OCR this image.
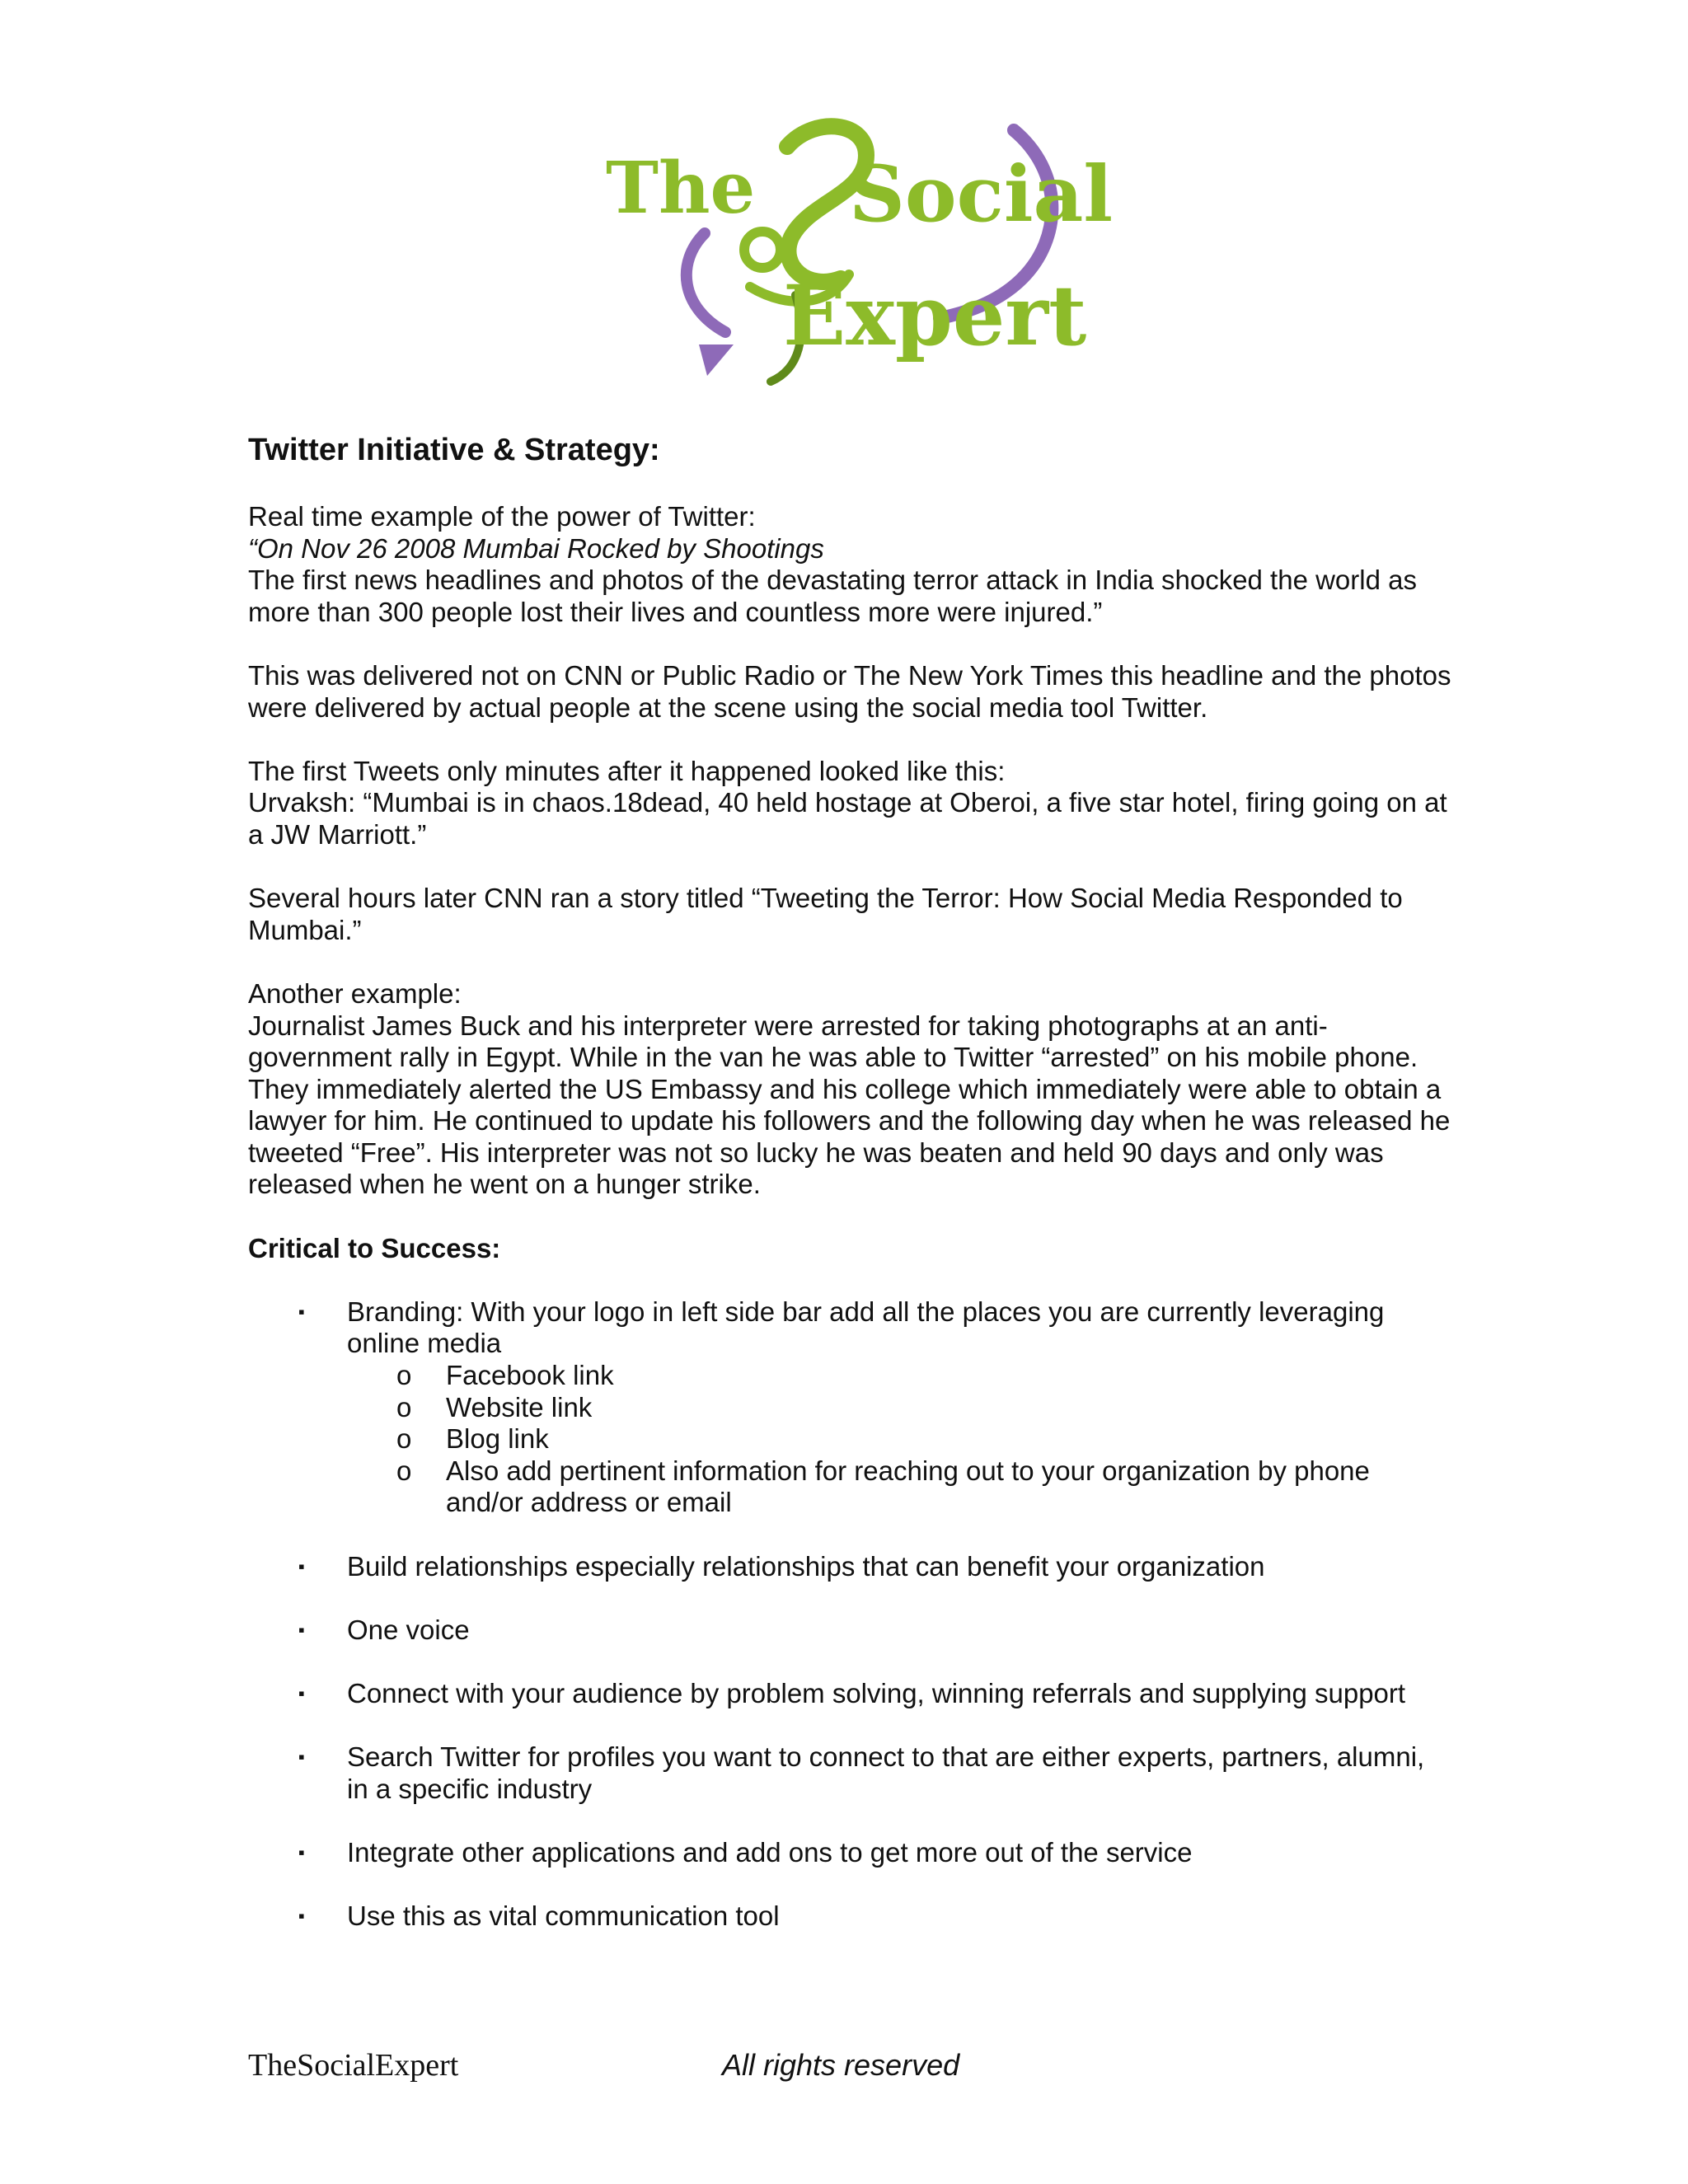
The Social
Expert
Twitter Initiative & Strategy:

Real time example of the power of Twitter:
“On Nov 26 2008 Mumbai Rocked by Shootings
The first news headlines and photos of the devastating terror attack in India shocked the world as more than 300 people lost their lives and countless more were injured.”

This was delivered not on CNN or Public Radio or The New York Times this headline and the photos were delivered by actual people at the scene using the social media tool Twitter.

The first Tweets only minutes after it happened looked like this:
Urvaksh: “Mumbai is in chaos.18dead, 40 held hostage at Oberoi, a five star hotel, firing going on at a JW Marriott.”

Several hours later CNN ran a story titled “Tweeting the Terror: How Social Media Responded to Mumbai.”

Another example:
Journalist James Buck and his interpreter were arrested for taking photographs at an anti-government rally in Egypt. While in the van he was able to Twitter “arrested” on his mobile phone. They immediately alerted the US Embassy and his college which immediately were able to obtain a lawyer for him. He continued to update his followers and the following day when he was released he tweeted “Free”. His interpreter was not so lucky he was beaten and held 90 days and only was released when he went on a hunger strike.

Critical to Success:
▪ Branding: With your logo in left side bar add all the places you are currently leveraging online media
o Facebook link
o Website link
o Blog link
o Also add pertinent information for reaching out to your organization by phone and/or address or email
▪ Build relationships especially relationships that can benefit your organization
▪ One voice
▪ Connect with your audience by problem solving, winning referrals and supplying support
▪ Search Twitter for profiles you want to connect to that are either experts, partners, alumni, in a specific industry
▪ Integrate other applications and add ons to get more out of the service
▪ Use this as vital communication tool
TheSocialExpert	All rights reserved
